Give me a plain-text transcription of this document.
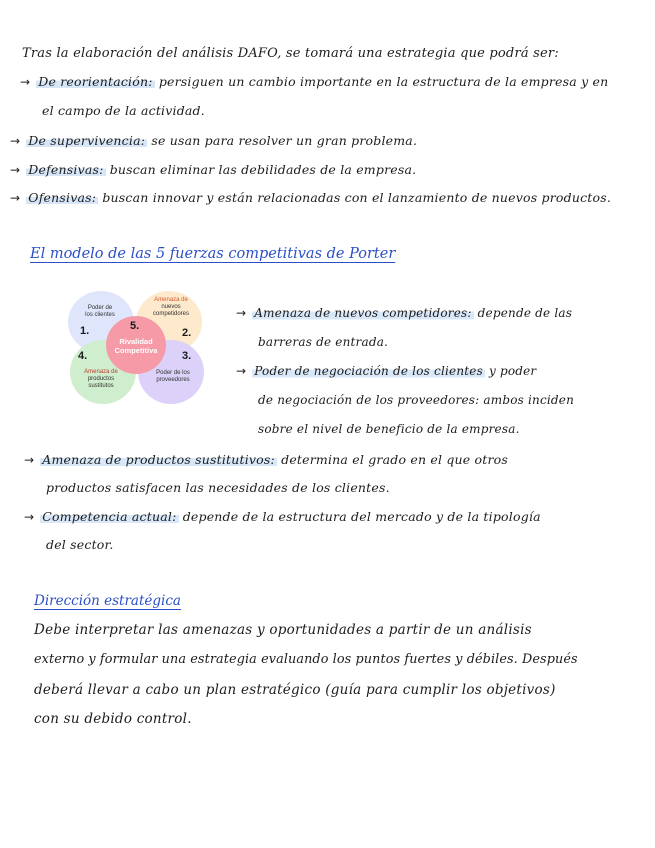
Tras la elaboración del análisis DAFO, se tomará una estrategia que podrá ser:
→ De reorientación: persiguen un cambio importante en la estructura de la empresa y en
el campo de la actividad.
→ De supervivencia: se usan para resolver un gran problema.
→ Defensivas: buscan eliminar las debilidades de la empresa.
→ Ofensivas: buscan innovar y están relacionadas con el lanzamiento de nuevos productos.
El modelo de las 5 fuerzas competitivas de Porter
Poder de
los clientes
1.
Amenaza de
nuevos
competidores
2.
4.
Amenaza de
productos
sustitutos
3.
Poder de los
proveedores
5.
Rivalidad
Competitiva
→ Amenaza de nuevos competidores: depende de las
barreras de entrada.
→ Poder de negociación de los clientes y poder
de negociación de los proveedores: ambos inciden
sobre el nivel de beneficio de la empresa.
→ Amenaza de productos sustitutivos: determina el grado en el que otros
productos satisfacen las necesidades de los clientes.
→ Competencia actual: depende de la estructura del mercado y de la tipología
del sector.
Dirección estratégica
Debe interpretar las amenazas y oportunidades a partir de un análisis
externo y formular una estrategia evaluando los puntos fuertes y débiles. Después
deberá llevar a cabo un plan estratégico (guía para cumplir los objetivos)
con su debido control.
